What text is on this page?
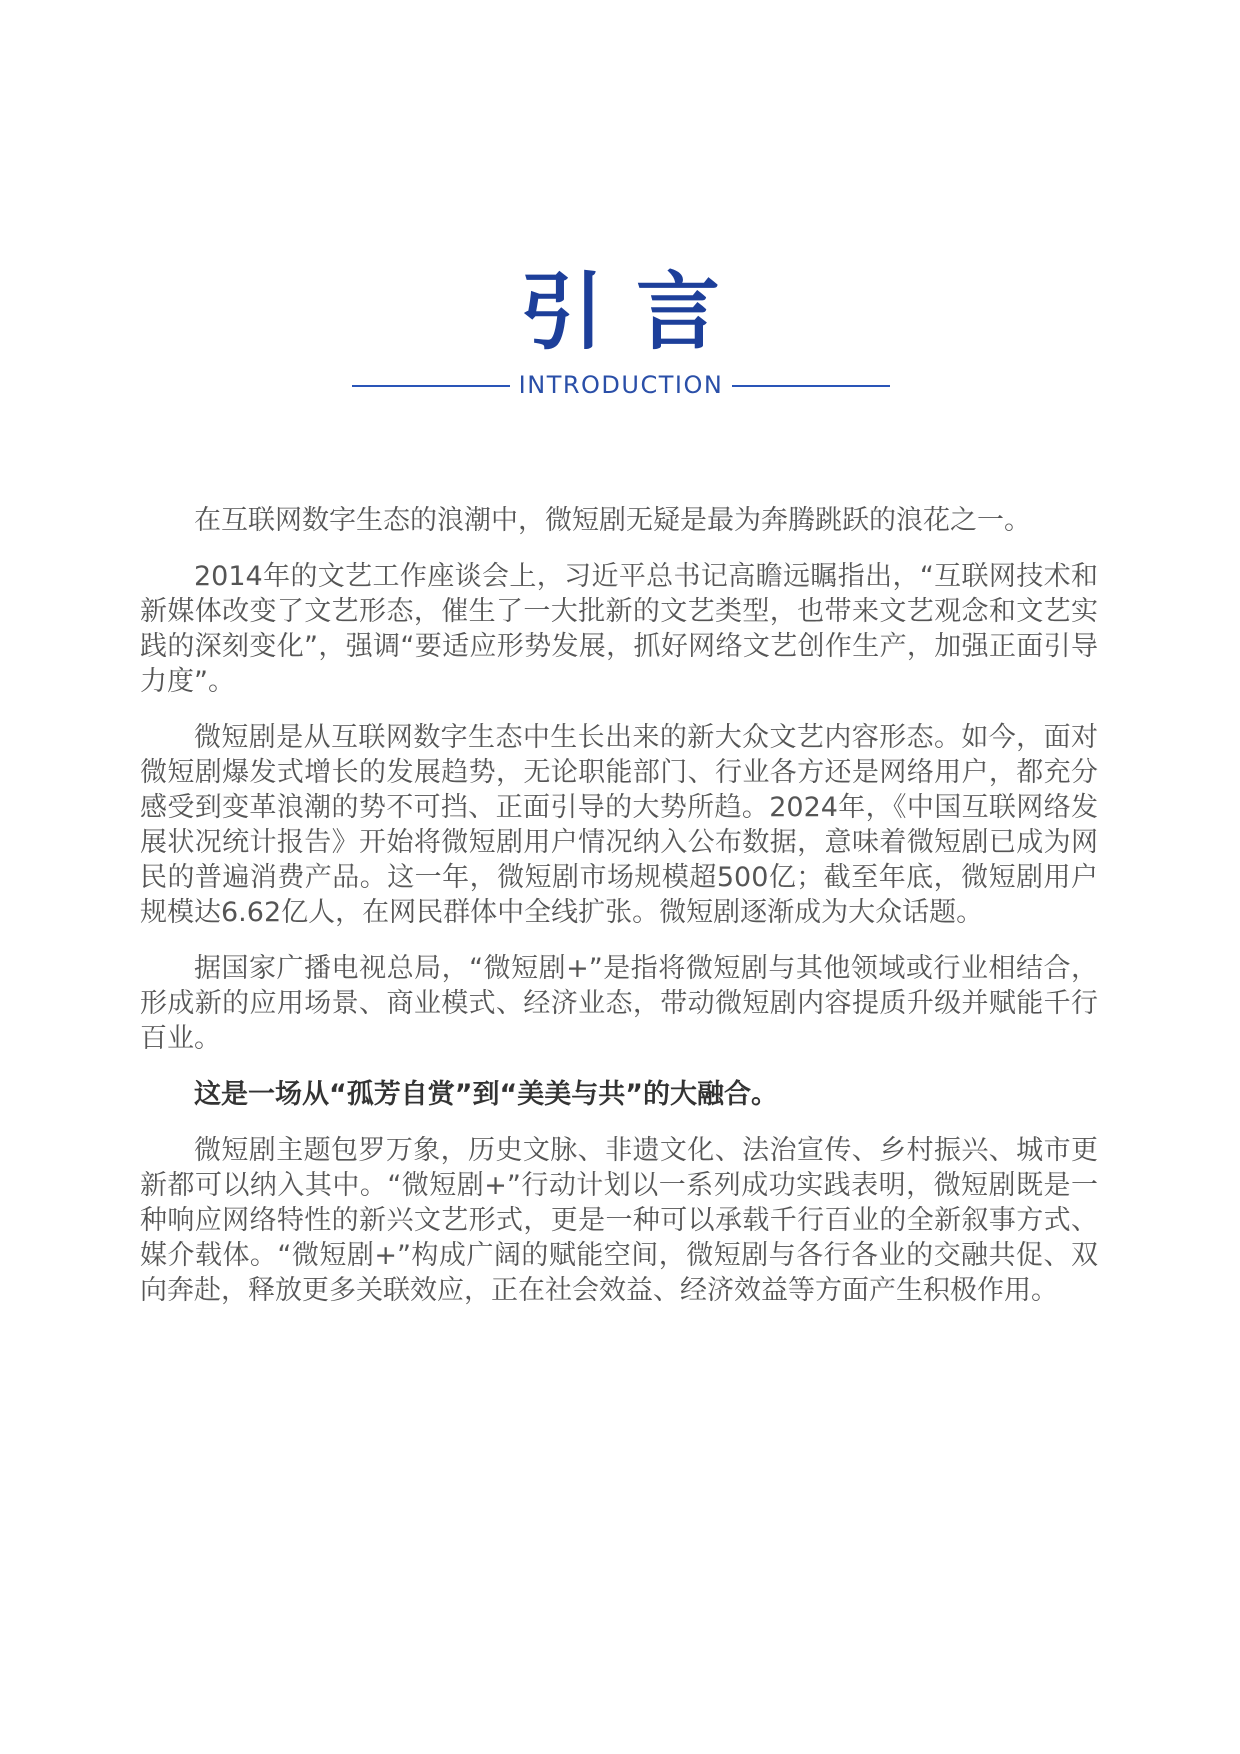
引言
INTRODUCTION

在互联网数字生态的浪潮中，微短剧无疑是最为奔腾跳跃的浪花之一。

2014年的文艺工作座谈会上，习近平总书记高瞻远瞩指出，“互联网技术和新媒体改变了文艺形态，催生了一大批新的文艺类型，也带来文艺观念和文艺实践的深刻变化”，强调“要适应形势发展，抓好网络文艺创作生产，加强正面引导力度”。

微短剧是从互联网数字生态中生长出来的新大众文艺内容形态。如今，面对微短剧爆发式增长的发展趋势，无论职能部门、行业各方还是网络用户，都充分感受到变革浪潮的势不可挡、正面引导的大势所趋。2024年，《中国互联网络发展状况统计报告》开始将微短剧用户情况纳入公布数据，意味着微短剧已成为网民的普遍消费产品。这一年，微短剧市场规模超500亿；截至年底，微短剧用户规模达6.62亿人，在网民群体中全线扩张。微短剧逐渐成为大众话题。

据国家广播电视总局，“微短剧+”是指将微短剧与其他领域或行业相结合，形成新的应用场景、商业模式、经济业态，带动微短剧内容提质升级并赋能千行百业。

这是一场从“孤芳自赏”到“美美与共”的大融合。

微短剧主题包罗万象，历史文脉、非遗文化、法治宣传、乡村振兴、城市更新都可以纳入其中。“微短剧+”行动计划以一系列成功实践表明，微短剧既是一种响应网络特性的新兴文艺形式，更是一种可以承载千行百业的全新叙事方式、媒介载体。“微短剧+”构成广阔的赋能空间，微短剧与各行各业的交融共促、双向奔赴，释放更多关联效应，正在社会效益、经济效益等方面产生积极作用。
